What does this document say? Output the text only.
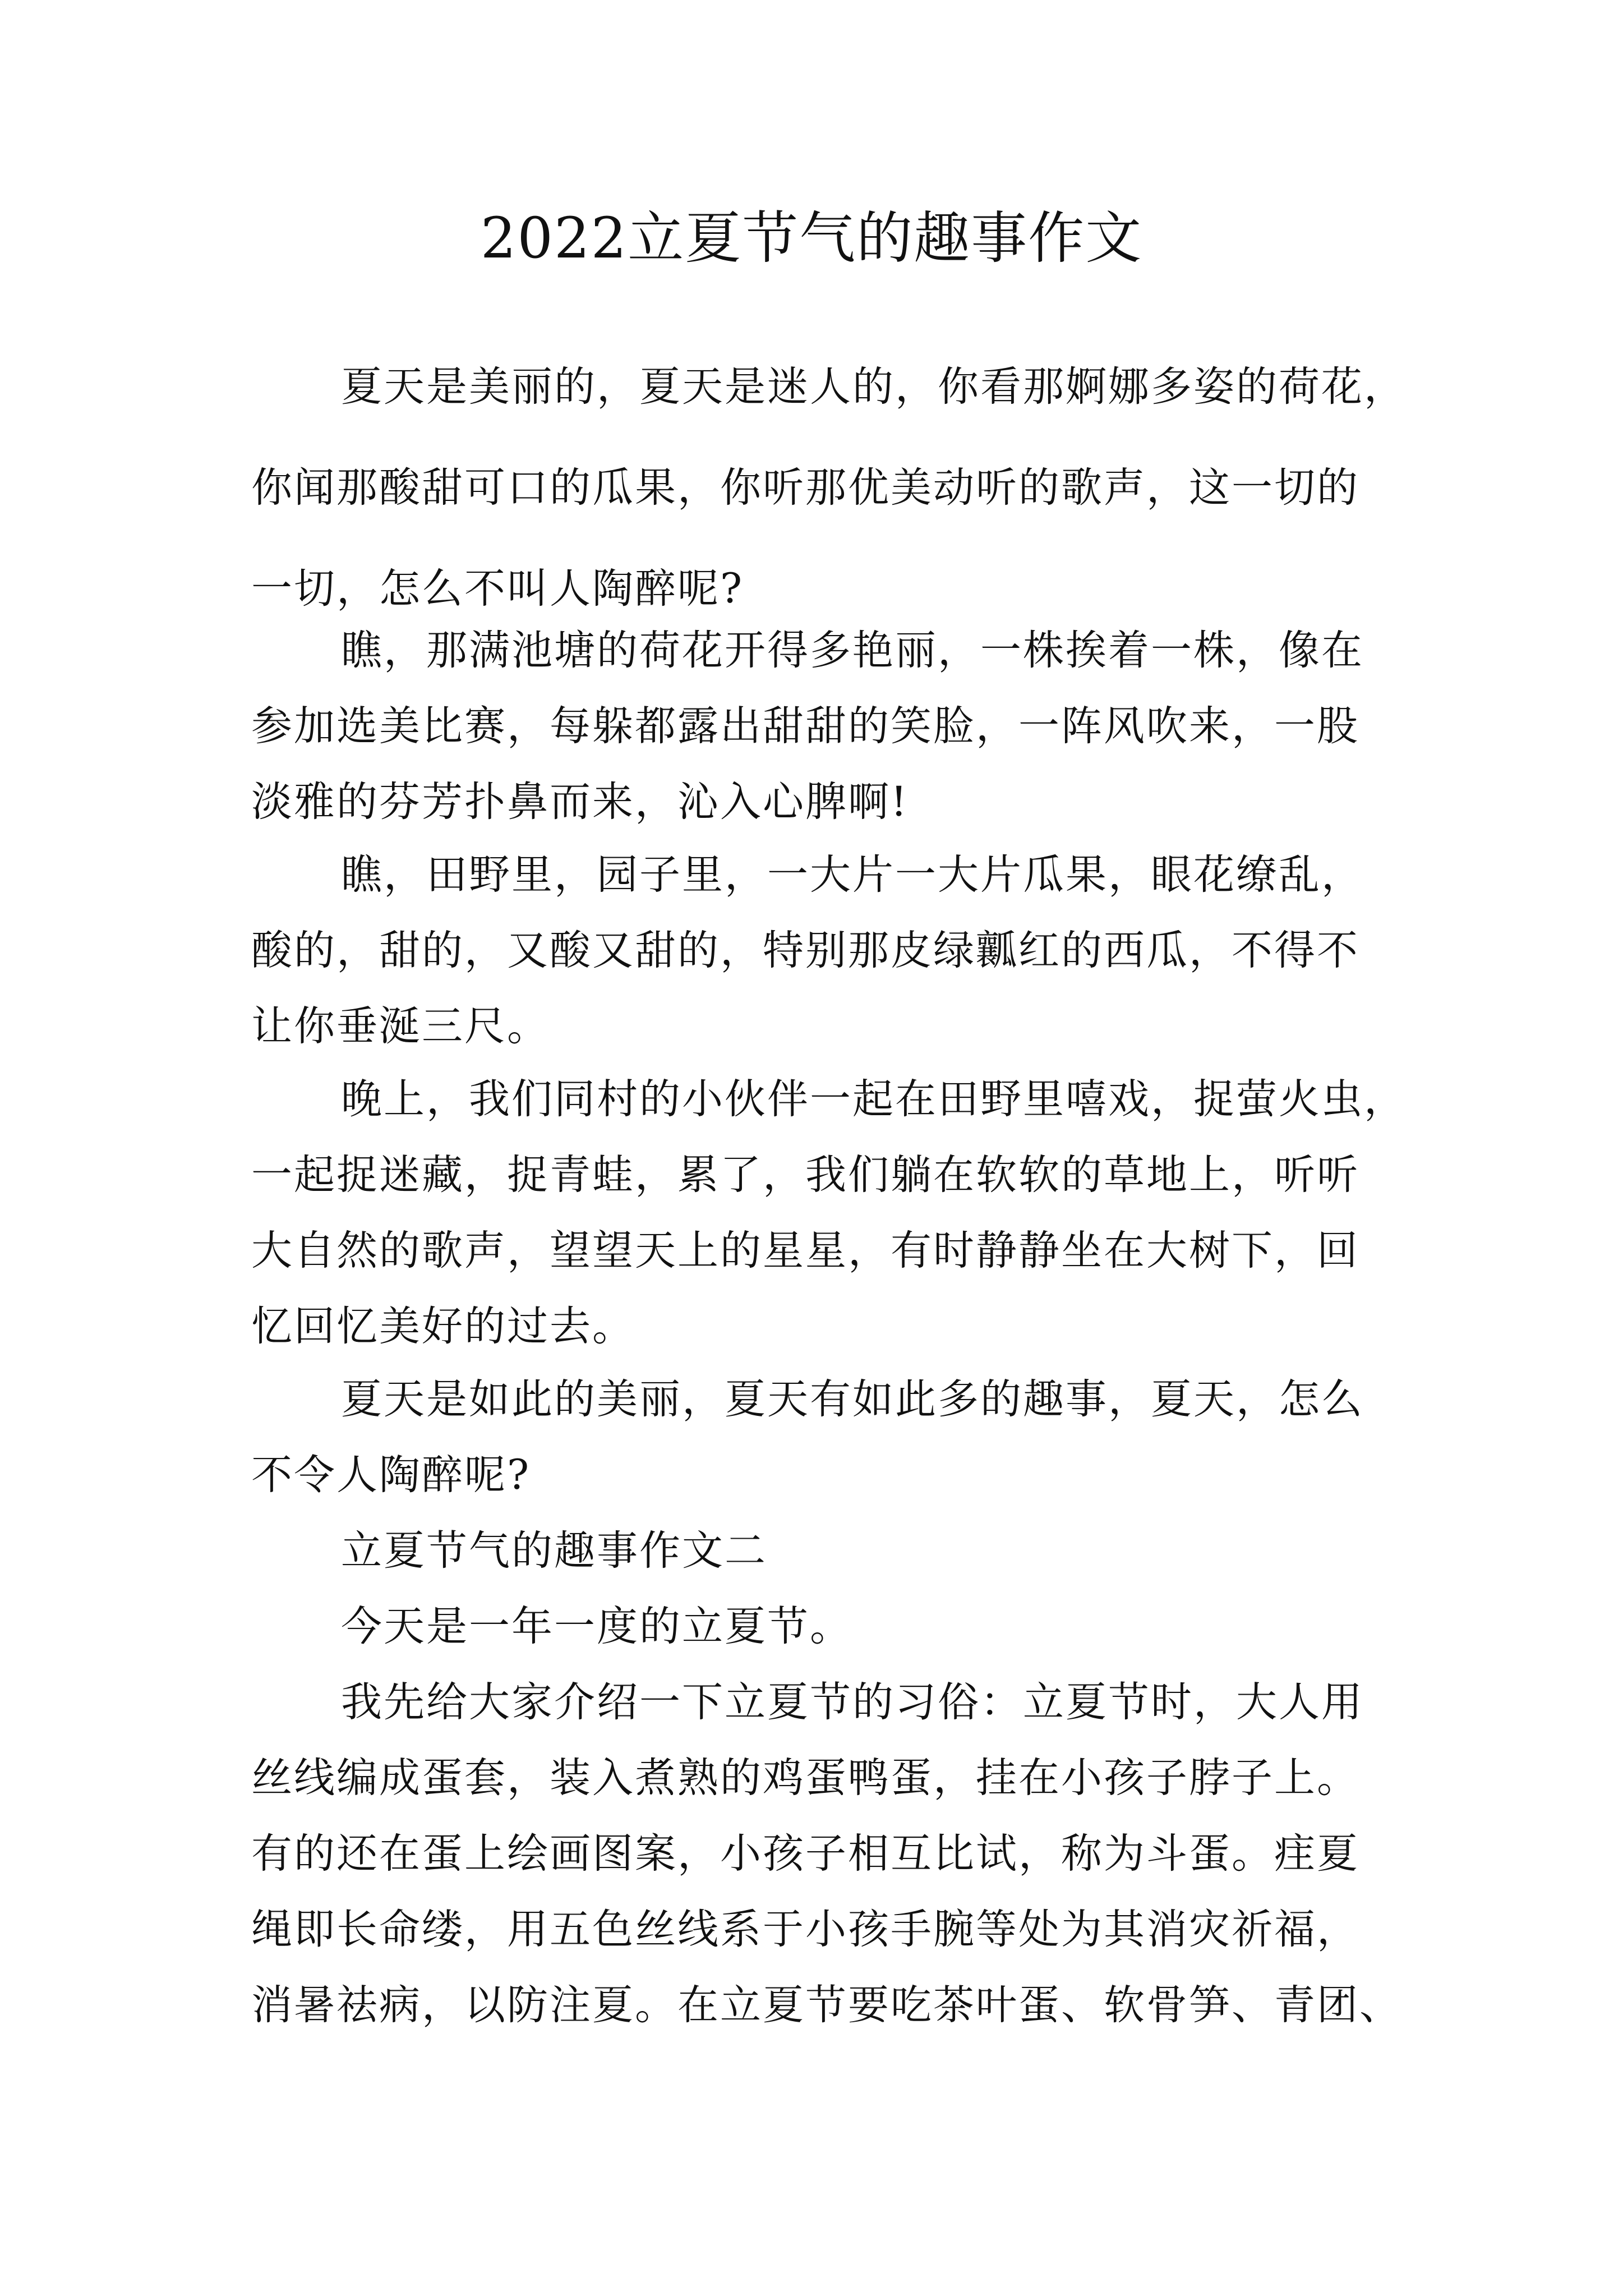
2022立夏节气的趣事作文
夏天是美丽的，夏天是迷人的，你看那婀娜多姿的荷花，
你闻那酸甜可口的瓜果，你听那优美动听的歌声，这一切的
一切，怎么不叫人陶醉呢?
瞧，那满池塘的荷花开得多艳丽，一株挨着一株，像在
参加选美比赛，每躲都露出甜甜的笑脸，一阵风吹来，一股
淡雅的芬芳扑鼻而来，沁入心脾啊!
瞧，田野里，园子里，一大片一大片瓜果，眼花缭乱，
酸的，甜的，又酸又甜的，特别那皮绿瓤红的西瓜，不得不
让你垂涎三尺。
晚上，我们同村的小伙伴一起在田野里嘻戏，捉萤火虫，
一起捉迷藏，捉青蛙，累了，我们躺在软软的草地上，听听
大自然的歌声，望望天上的星星，有时静静坐在大树下，回
忆回忆美好的过去。
夏天是如此的美丽，夏天有如此多的趣事，夏天，怎么
不令人陶醉呢?
立夏节气的趣事作文二
今天是一年一度的立夏节。
我先给大家介绍一下立夏节的习俗：立夏节时，大人用
丝线编成蛋套，装入煮熟的鸡蛋鸭蛋，挂在小孩子脖子上。
有的还在蛋上绘画图案，小孩子相互比试，称为斗蛋。疰夏
绳即长命缕，用五色丝线系于小孩手腕等处为其消灾祈福，
消暑祛病，以防注夏。在立夏节要吃茶叶蛋、软骨笋、青团、
